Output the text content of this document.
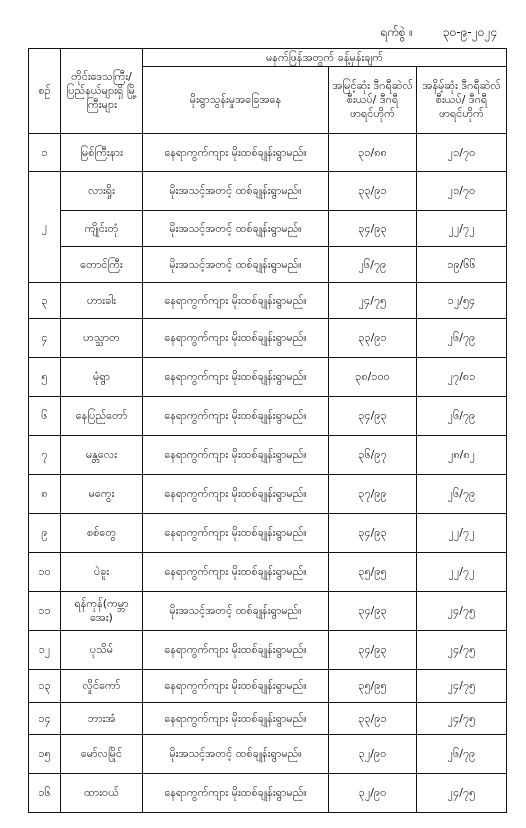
ရက်စွဲ ။	၃၀-၉-၂၀၂၄
စဉ်	တိုင်းဒေသကြီး/ ပြည်နယ်များရှိ မြို့ကြီးများ	မနက်ဖြန်အတွက် ခန့်မှန်းချက်		
		မိုးရွာသွန်းမှုအခြေအနေ	အမြင့်ဆုံး ဒီဂရီဆဲလ်စီးယပ်/ ဒီဂရီဖာရင်ဟိုက်	အနိမ့်ဆုံး ဒီဂရီဆဲလ်စီးယပ်/ ဒီဂရီဖာရင်ဟိုက်
၁	မြစ်ကြီးနား	နေရာကွက်ကျား မိုးထစ်ချုန်းရွာမည်။	၃၁/၈၈	၂၁/၇၀
၂	လားရှိုး	မိုးအသင့်အတင့် ထစ်ချုန်းရွာမည်။	၃၃/၉၁	၂၁/၇၀
	ကျိုင်းတုံ	မိုးအသင့်အတင့် ထစ်ချုန်းရွာမည်။	၃၄/၉၃	၂၂/၇၂
	တောင်ကြီး	မိုးအသင့်အတင့် ထစ်ချုန်းရွာမည်။	၂၆/၇၉	၁၉/၆၆
၃	ဟားခါး	နေရာကွက်ကျား မိုးထစ်ချုန်းရွာမည်။	၂၄/၇၅	၁၂/၅၄
၄	ဟသ္သာတ	နေရာကွက်ကျား မိုးထစ်ချုန်းရွာမည်။	၃၃/၉၁	၂၆/၇၉
၅	မုံရွာ	နေရာကွက်ကျား မိုးထစ်ချုန်းရွာမည်။	၃၈/၁၀၀	၂၇/၈၁
၆	နေပြည်တော်	နေရာကွက်ကျား မိုးထစ်ချုန်းရွာမည်။	၃၄/၉၃	၂၆/၇၉
၇	မန္တလေး	နေရာကွက်ကျား မိုးထစ်ချုန်းရွာမည်။	၃၆/၉၇	၂၈/၈၂
၈	မကွေး	နေရာကွက်ကျား မိုးထစ်ချုန်းရွာမည်။	၃၇/၉၉	၂၆/၇၉
၉	စစ်တွေ	နေရာကွက်ကျား မိုးထစ်ချုန်းရွာမည်။	၃၄/၉၃	၂၂/၇၂
၁၀	ပဲခူး	နေရာကွက်ကျား မိုးထစ်ချုန်းရွာမည်။	၃၅/၉၅	၂၂/၇၂
၁၁	ရန်ကုန်(ကမ္ဘာအေး)	မိုးအသင့်အတင့် ထစ်ချုန်းရွာမည်။	၃၄/၉၃	၂၄/၇၅
၁၂	ပုသိမ်	နေရာကွက်ကျား မိုးထစ်ချုန်းရွာမည်။	၃၄/၉၃	၂၄/၇၅
၁၃	လှိုင်ကော်	နေရာကွက်ကျား မိုးထစ်ချုန်းရွာမည်။	၃၅/၉၅	၂၄/၇၅
၁၄	ဘားအံ	နေရာကွက်ကျား မိုးထစ်ချုန်းရွာမည်။	၃၃/၉၁	၂၄/၇၅
၁၅	မော်လမြိုင်	မိုးအသင့်အတင့် ထစ်ချုန်းရွာမည်။	၃၂/၉၀	၂၆/၇၉
၁၆	ထားဝယ်	နေရာကွက်ကျား မိုးထစ်ချုန်းရွာမည်။	၃၂/၉၀	၂၄/၇၅
